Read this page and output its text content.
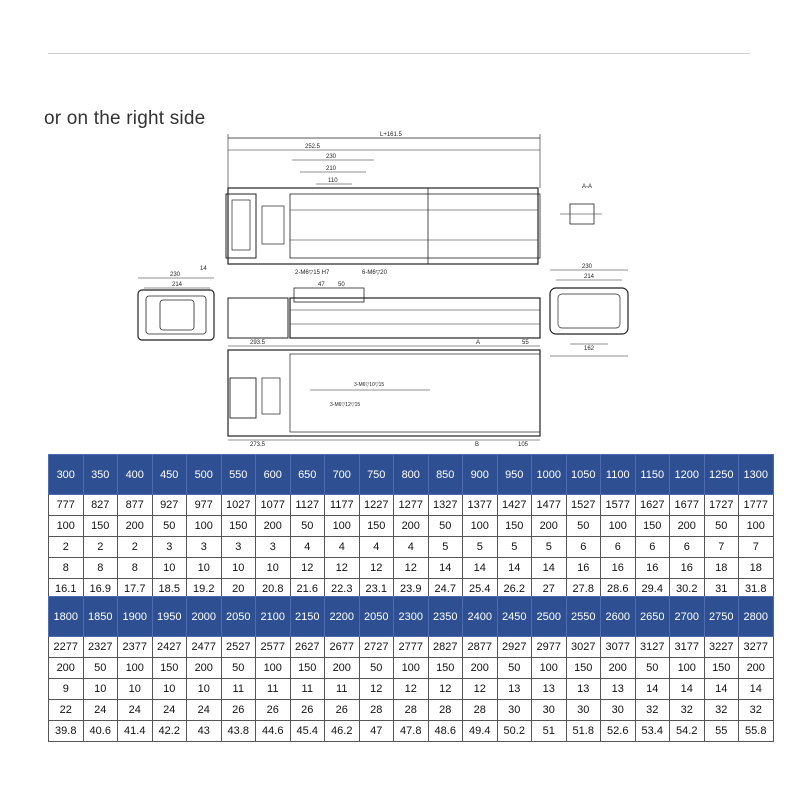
or on the right side
L+161.5
252.5
230
210
110
14
2-M6▽15 H7	6-M6▽20
A-A
230
214	47 50
230
214
162
293.5	A	55
3-M6▽10▽15
3-M6▽12▽15
273.5	B	105
300	350	400	450	500	550	600	650	700	750	800	850	900	950	1000	1050	1100	1150	1200	1250	1300
777	827	877	927	977	1027	1077	1127	1177	1227	1277	1327	1377	1427	1477	1527	1577	1627	1677	1727	1777
100	150	200	50	100	150	200	50	100	150	200	50	100	150	200	50	100	150	200	50	100
2	2	2	3	3	3	3	4	4	4	4	5	5	5	5	6	6	6	6	7	7
8	8	8	10	10	10	10	12	12	12	12	14	14	14	14	16	16	16	16	18	18
16.1	16.9	17.7	18.5	19.2	20	20.8	21.6	22.3	23.1	23.9	24.7	25.4	26.2	27	27.8	28.6	29.4	30.2	31	31.8
1800	1850	1900	1950	2000	2050	2100	2150	2200	2050	2300	2350	2400	2450	2500	2550	2600	2650	2700	2750	2800
2277	2327	2377	2427	2477	2527	2577	2627	2677	2727	2777	2827	2877	2927	2977	3027	3077	3127	3177	3227	3277
200	50	100	150	200	50	100	150	200	50	100	150	200	50	100	150	200	50	100	150	200
9	10	10	10	10	11	11	11	11	12	12	12	12	13	13	13	13	14	14	14	14
22	24	24	24	24	26	26	26	26	28	28	28	28	30	30	30	30	32	32	32	32
39.8	40.6	41.4	42.2	43	43.8	44.6	45.4	46.2	47	47.8	48.6	49.4	50.2	51	51.8	52.6	53.4	54.2	55	55.8
